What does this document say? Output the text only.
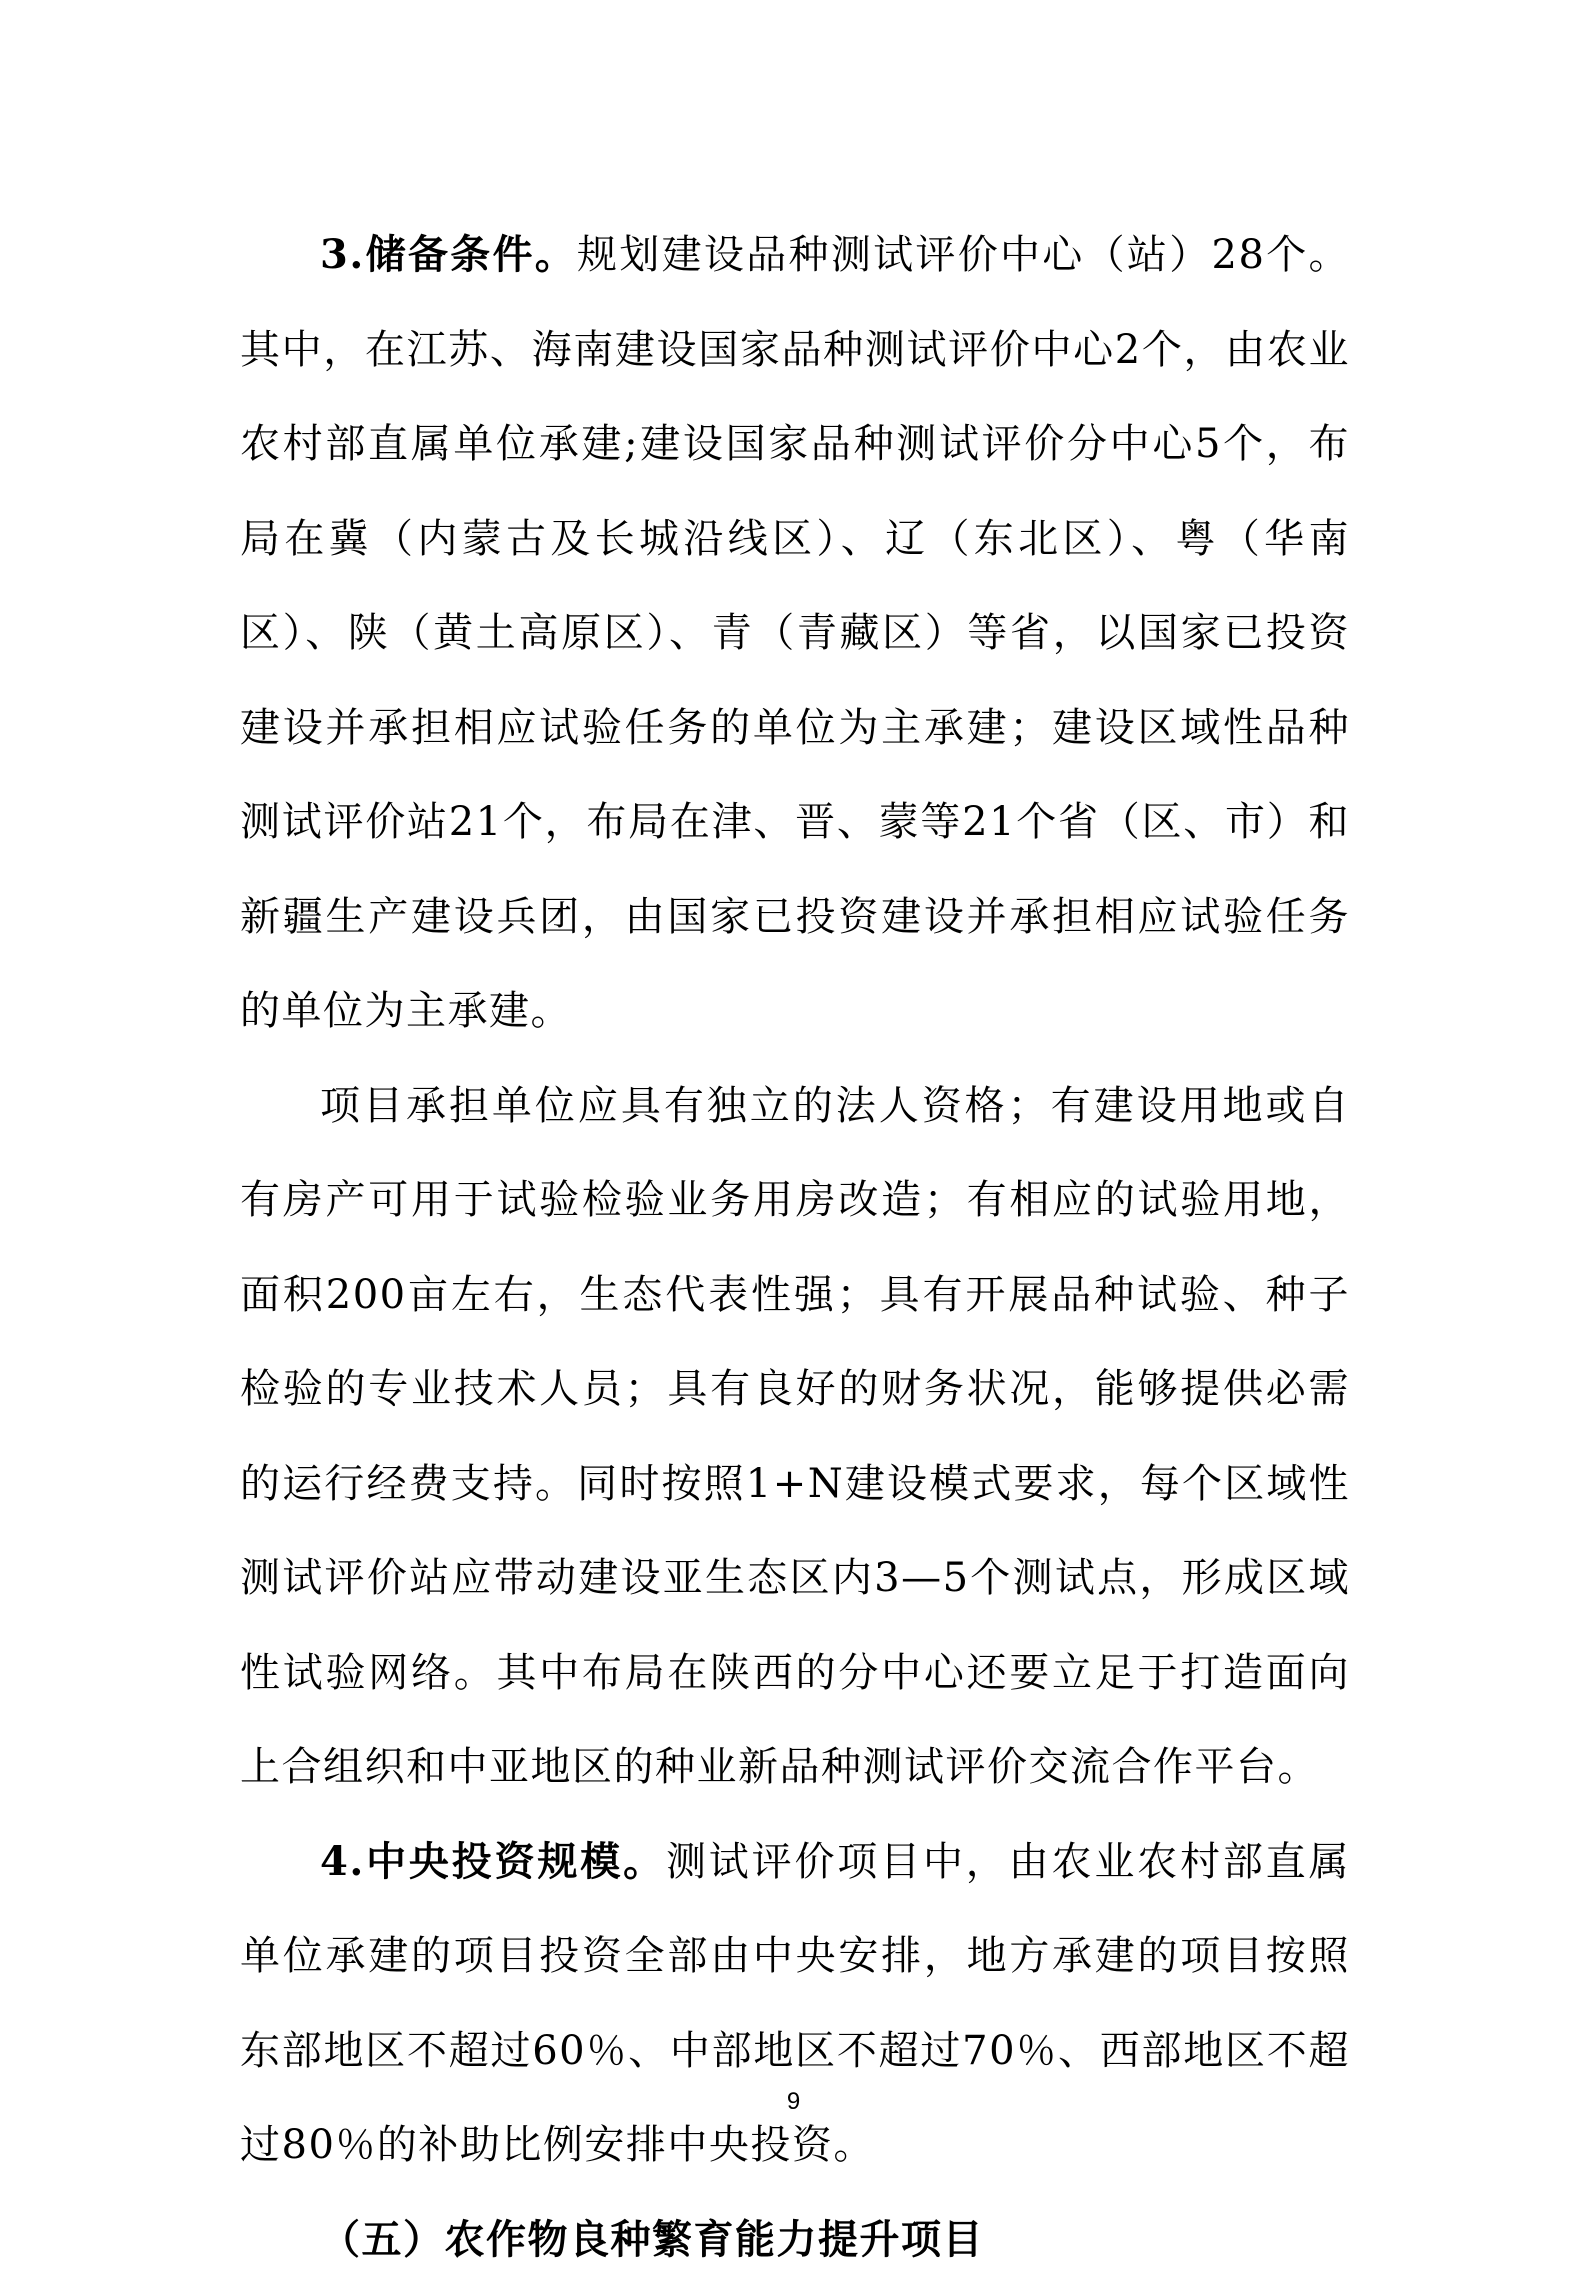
3.储备条件。规划建设品种测试评价中心（站）28个。其中，在江苏、海南建设国家品种测试评价中心2个，由农业农村部直属单位承建;建设国家品种测试评价分中心5个，布局在冀（内蒙古及长城沿线区）、辽（东北区）、粤（华南区）、陕（黄土高原区）、青（青藏区）等省，以国家已投资建设并承担相应试验任务的单位为主承建；建设区域性品种测试评价站21个，布局在津、晋、蒙等21个省（区、市）和新疆生产建设兵团，由国家已投资建设并承担相应试验任务的单位为主承建。

项目承担单位应具有独立的法人资格；有建设用地或自有房产可用于试验检验业务用房改造；有相应的试验用地，面积200亩左右，生态代表性强；具有开展品种试验、种子检验的专业技术人员；具有良好的财务状况，能够提供必需的运行经费支持。同时按照1+N建设模式要求，每个区域性测试评价站应带动建设亚生态区内3—5个测试点，形成区域性试验网络。其中布局在陕西的分中心还要立足于打造面向上合组织和中亚地区的种业新品种测试评价交流合作平台。

4.中央投资规模。测试评价项目中，由农业农村部直属单位承建的项目投资全部由中央安排，地方承建的项目按照东部地区不超过60％、中部地区不超过70％、西部地区不超过80％的补助比例安排中央投资。

（五）农作物良种繁育能力提升项目

9
